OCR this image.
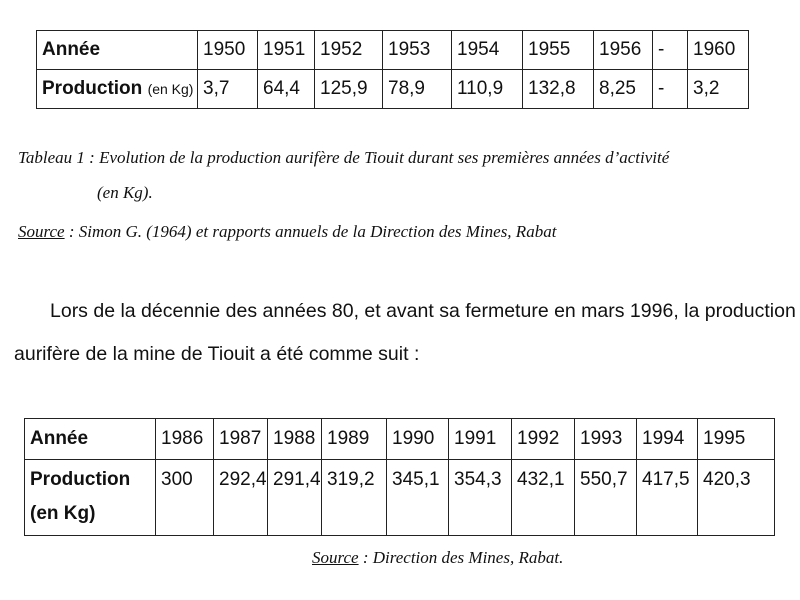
Année	1950	1951	1952	1953	1954	1955	1956	-	1960
Production (en Kg)	3,7	64,4	125,9	78,9	110,9	132,8	8,25	-	3,2
Tableau 1 : Evolution de la production aurifère de Tiouit durant ses premières années d’activité
(en Kg).
Source : Simon G. (1964) et rapports annuels de la Direction des Mines, Rabat
Lors de la décennie des années 80, et avant sa fermeture en mars 1996, la production
aurifère de la mine de Tiouit a été comme suit :
Année	1986	1987	1988	1989	1990	1991	1992	1993	1994	1995
Production (en Kg)	300	292,4	291,4	319,2	345,1	354,3	432,1	550,7	417,5	420,3
Source : Direction des Mines, Rabat.
